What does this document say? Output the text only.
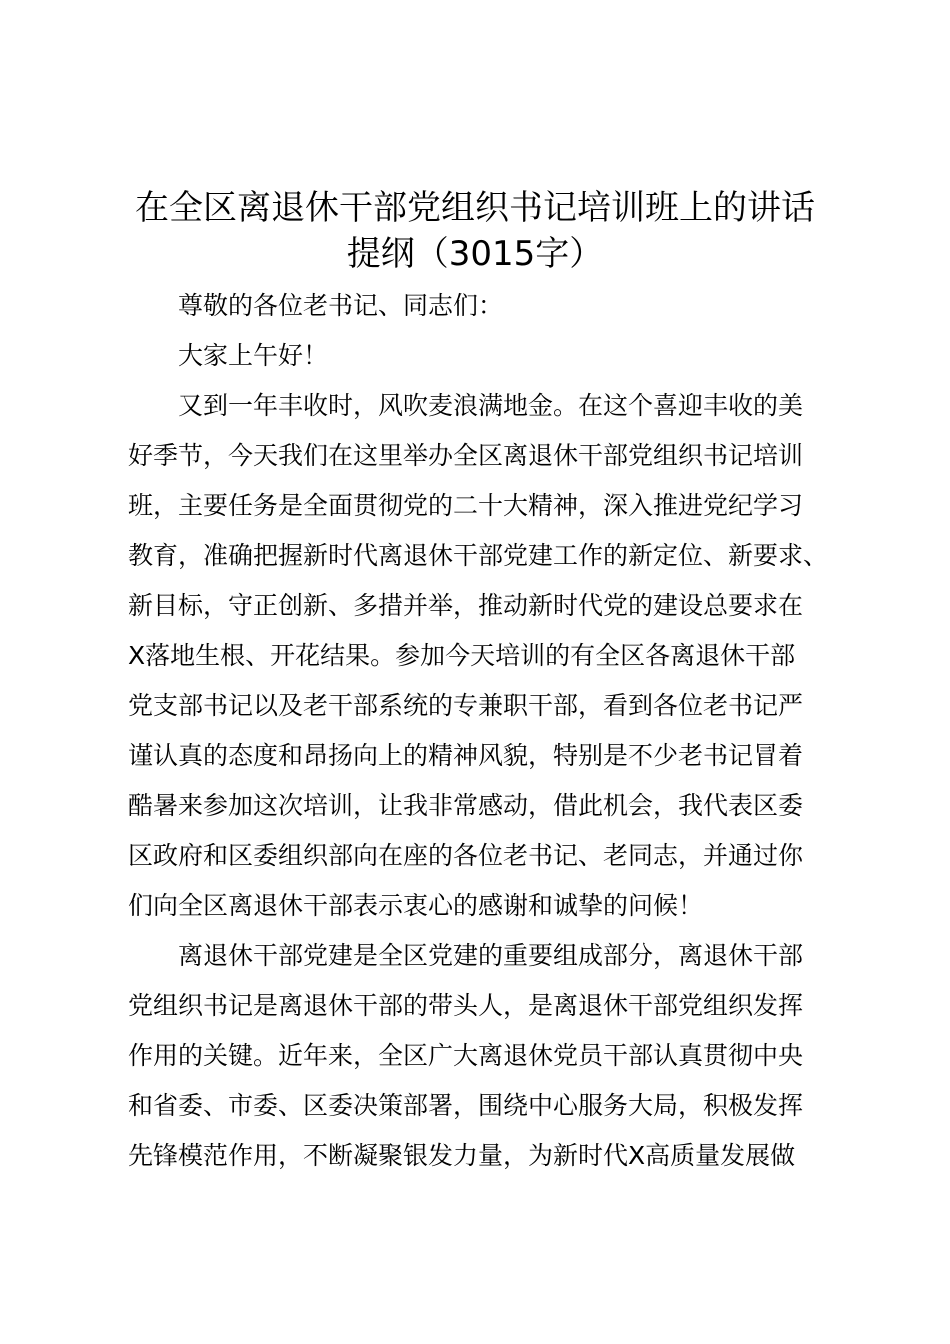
在全区离退休干部党组织书记培训班上的讲话
提纲（3015字）
尊敬的各位老书记、同志们：
大家上午好！
又到一年丰收时，风吹麦浪满地金。在这个喜迎丰收的美
好季节，今天我们在这里举办全区离退休干部党组织书记培训
班，主要任务是全面贯彻党的二十大精神，深入推进党纪学习
教育，准确把握新时代离退休干部党建工作的新定位、新要求、
新目标，守正创新、多措并举，推动新时代党的建设总要求在
X落地生根、开花结果。参加今天培训的有全区各离退休干部
党支部书记以及老干部系统的专兼职干部，看到各位老书记严
谨认真的态度和昂扬向上的精神风貌，特别是不少老书记冒着
酷暑来参加这次培训，让我非常感动，借此机会，我代表区委
区政府和区委组织部向在座的各位老书记、老同志，并通过你
们向全区离退休干部表示衷心的感谢和诚挚的问候！
离退休干部党建是全区党建的重要组成部分，离退休干部
党组织书记是离退休干部的带头人，是离退休干部党组织发挥
作用的关键。近年来，全区广大离退休党员干部认真贯彻中央
和省委、市委、区委决策部署，围绕中心服务大局，积极发挥
先锋模范作用，不断凝聚银发力量，为新时代X高质量发展做
